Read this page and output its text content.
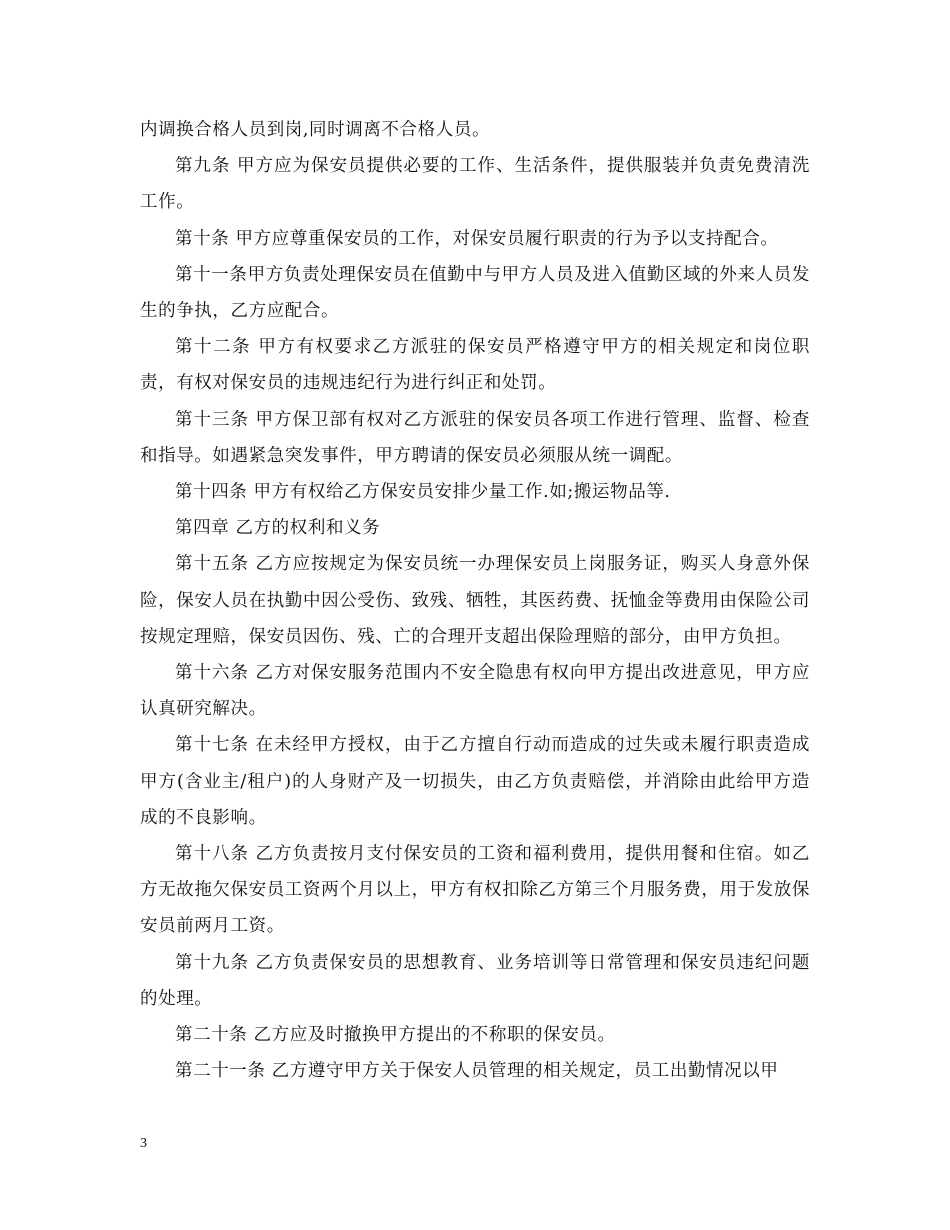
内调换合格人员到岗,同时调离不合格人员。

第九条 甲方应为保安员提供必要的工作、生活条件，提供服装并负责免费清洗工作。

第十条 甲方应尊重保安员的工作，对保安员履行职责的行为予以支持配合。

第十一条甲方负责处理保安员在值勤中与甲方人员及进入值勤区域的外来人员发生的争执，乙方应配合。

第十二条 甲方有权要求乙方派驻的保安员严格遵守甲方的相关规定和岗位职责，有权对保安员的违规违纪行为进行纠正和处罚。

第十三条 甲方保卫部有权对乙方派驻的保安员各项工作进行管理、监督、检查和指导。如遇紧急突发事件，甲方聘请的保安员必须服从统一调配。

第十四条 甲方有权给乙方保安员安排少量工作.如;搬运物品等.

第四章 乙方的权利和义务

第十五条 乙方应按规定为保安员统一办理保安员上岗服务证，购买人身意外保险，保安人员在执勤中因公受伤、致残、牺牲，其医药费、抚恤金等费用由保险公司按规定理赔，保安员因伤、残、亡的合理开支超出保险理赔的部分，由甲方负担。

第十六条 乙方对保安服务范围内不安全隐患有权向甲方提出改进意见，甲方应认真研究解决。

第十七条 在未经甲方授权，由于乙方擅自行动而造成的过失或未履行职责造成甲方(含业主/租户)的人身财产及一切损失，由乙方负责赔偿，并消除由此给甲方造成的不良影响。

第十八条 乙方负责按月支付保安员的工资和福利费用，提供用餐和住宿。如乙方无故拖欠保安员工资两个月以上，甲方有权扣除乙方第三个月服务费，用于发放保安员前两月工资。

第十九条 乙方负责保安员的思想教育、业务培训等日常管理和保安员违纪问题的处理。

第二十条 乙方应及时撤换甲方提出的不称职的保安员。

第二十一条 乙方遵守甲方关于保安人员管理的相关规定，员工出勤情况以甲

3
